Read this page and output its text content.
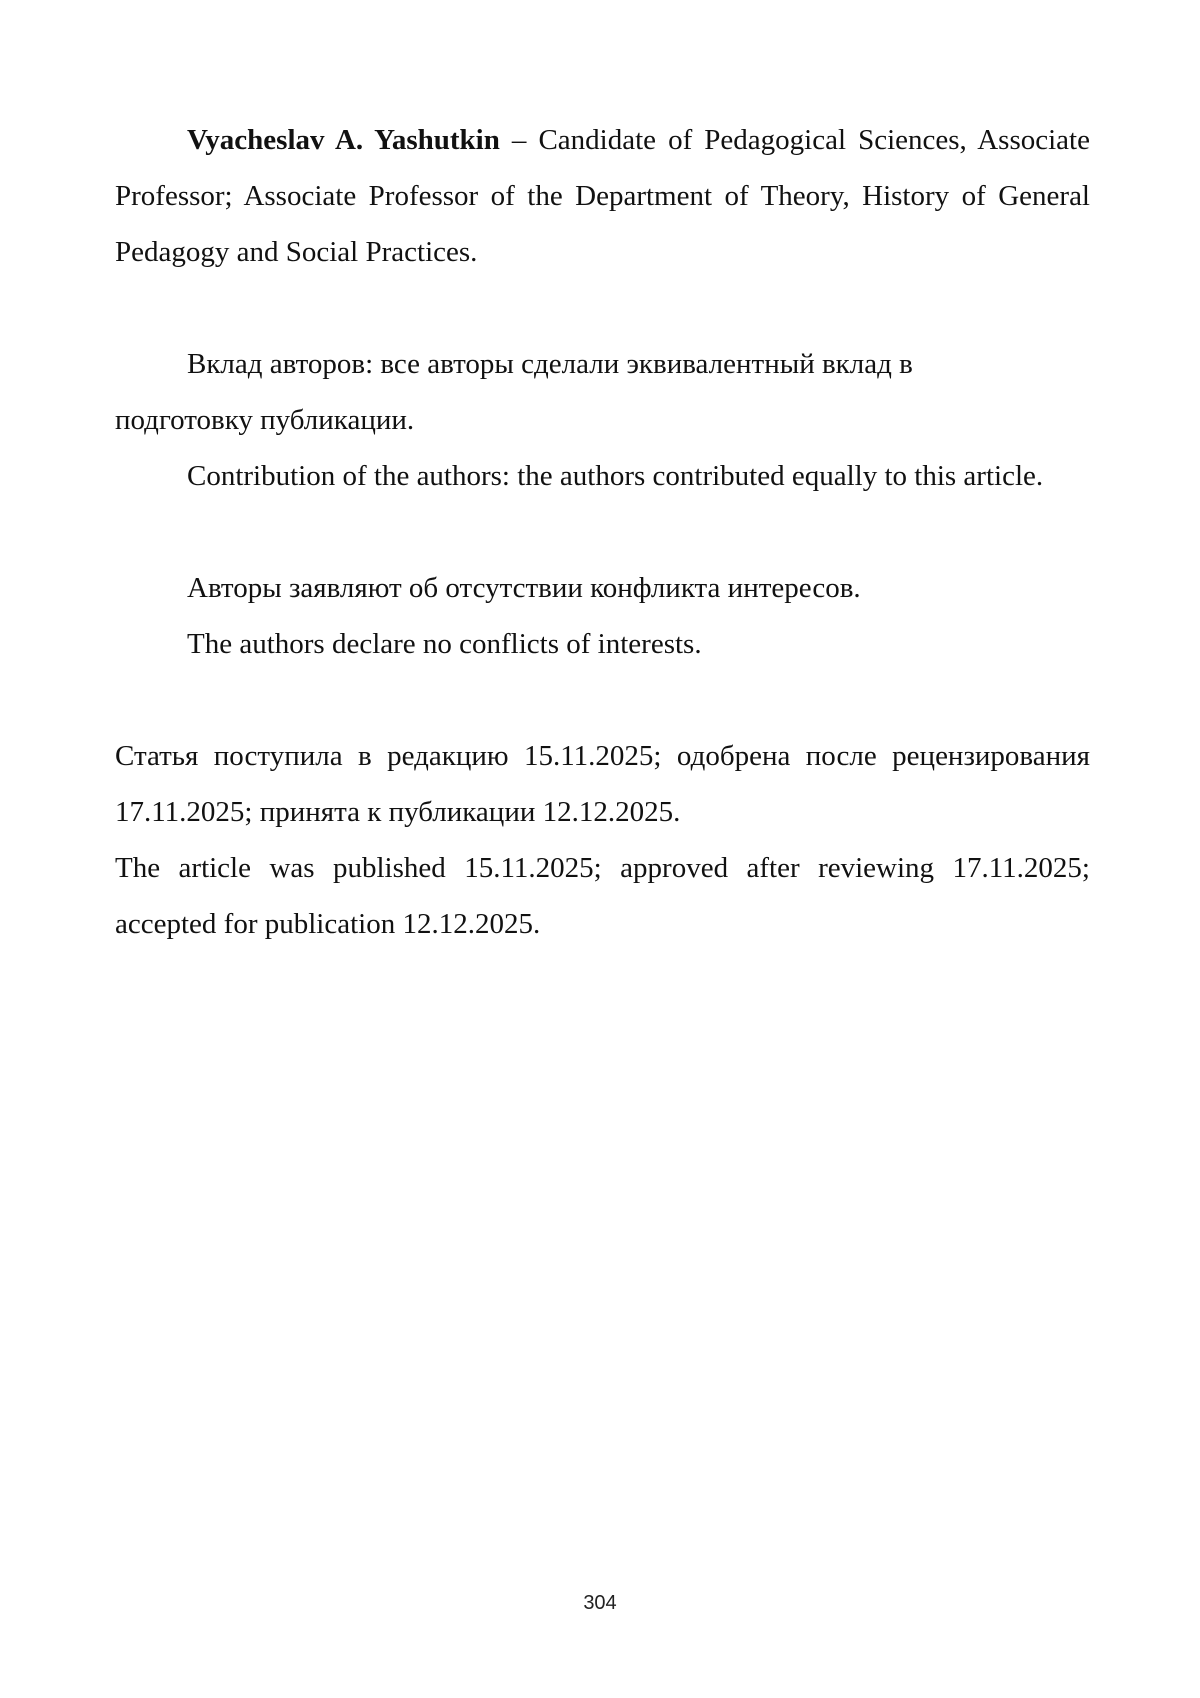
Vyacheslav A. Yashutkin – Candidate of Pedagogical Sciences, Associate Professor; Associate Professor of the Department of Theory, History of General Pedagogy and Social Practices.

Вклад авторов: все авторы сделали эквивалентный вклад в

подготовку публикации.

Contribution of the authors: the authors contributed equally to this article.

Авторы заявляют об отсутствии конфликта интересов.

The authors declare no conflicts of interests.

Статья поступила в редакцию 15.11.2025; одобрена после рецензирования 17.11.2025; принята к публикации 12.12.2025.

The article was published 15.11.2025; approved after reviewing 17.11.2025; accepted for publication 12.12.2025.

304
